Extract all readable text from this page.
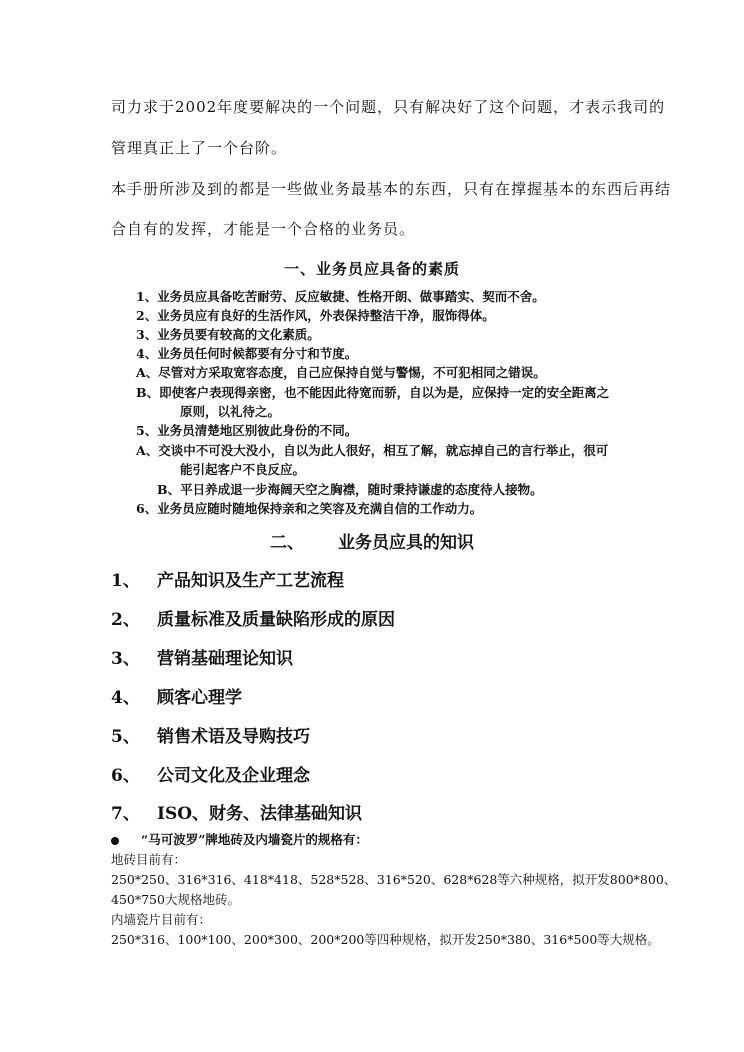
司力求于2002年度要解决的一个问题，只有解决好了这个问题，才表示我司的
管理真正上了一个台阶。
本手册所涉及到的都是一些做业务最基本的东西，只有在撑握基本的东西后再结
合自有的发挥，才能是一个合格的业务员。
一、业务员应具备的素质
1、业务员应具备吃苦耐劳、反应敏捷、性格开朗、做事踏实、契而不舍。
2、业务员应有良好的生活作风，外表保持整洁干净，服饰得体。
3、业务员要有较高的文化素质。
4、业务员任何时候都要有分寸和节度。
A、尽管对方采取宽容态度，自己应保持自觉与警惕，不可犯相同之错误。
B、即使客户表现得亲密，也不能因此待宽而骄，自以为是，应保持一定的安全距离之
原则，以礼待之。
5、业务员清楚地区别彼此身份的不同。
A、交谈中不可没大没小，自以为此人很好，相互了解，就忘掉自己的言行举止，很可
能引起客户不良反应。
B、平日养成退一步海阔天空之胸襟，随时秉持谦虚的态度待人接物。
6、业务员应随时随地保持亲和之笑容及充满自信的工作动力。
二、 业务员应具的知识
1、 产品知识及生产工艺流程
2、 质量标准及质量缺陷形成的原因
3、 营销基础理论知识
4、 顾客心理学
5、 销售术语及导购技巧
6、 公司文化及企业理念
7、 ISO、财务、法律基础知识
“马可波罗”牌地砖及内墙瓷片的规格有：
地砖目前有：
250*250、316*316、418*418、528*528、316*520、628*628等六种规格，拟开发800*800、
450*750大规格地砖。
内墙瓷片目前有：
250*316、100*100、200*300、200*200等四种规格，拟开发250*380、316*500等大规格。
